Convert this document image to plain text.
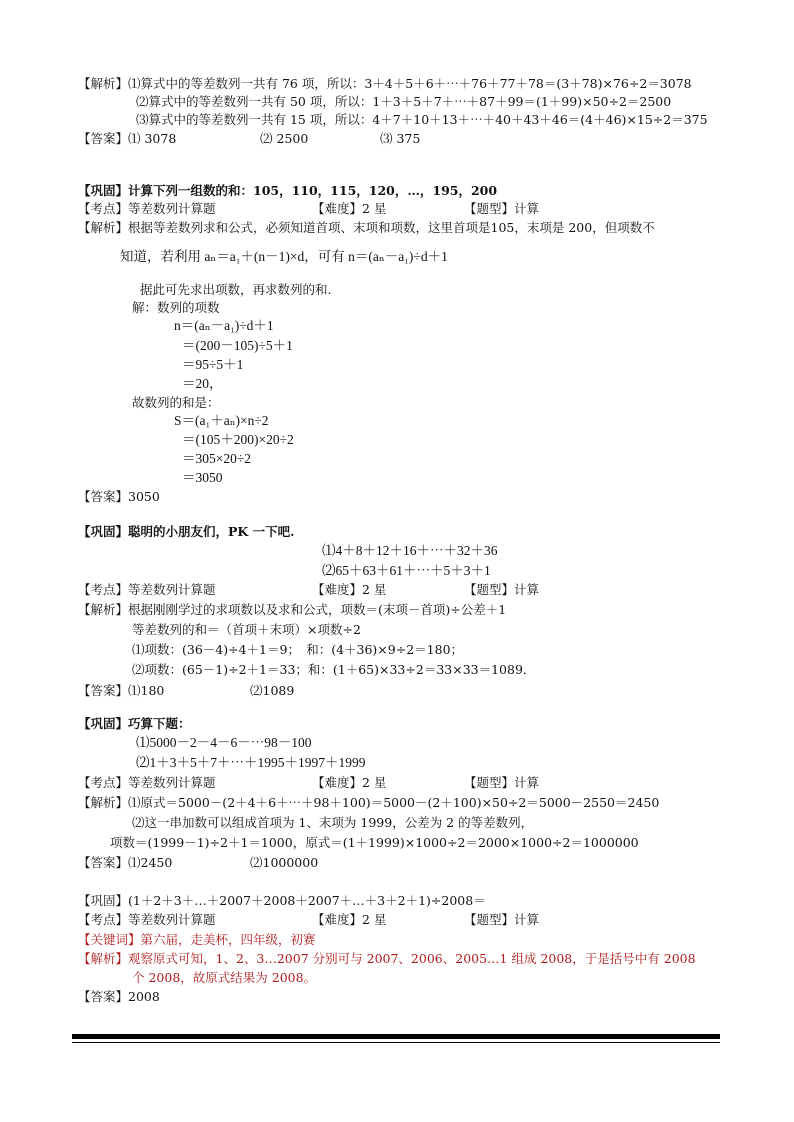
【解析】⑴算式中的等差数列一共有 76 项，所以：3＋4＋5＋6＋⋯＋76＋77＋78＝(3＋78)×76÷2＝3078
⑵算式中的等差数列一共有 50 项，所以：1＋3＋5＋7＋⋯＋87＋99＝(1＋99)×50÷2＝2500
⑶算式中的等差数列一共有 15 项，所以：4＋7＋10＋13＋⋯＋40＋43＋46＝(4＋46)×15÷2＝375
【答案】⑴ 3078	⑵ 2500	⑶ 375
【巩固】计算下列一组数的和：105，110，115，120，…，195，200
【考点】等差数列计算题	【难度】2 星	【题型】计算
【解析】根据等差数列求和公式，必须知道首项、末项和项数，这里首项是105，末项是 200，但项数不
知道，若利用 aₙ＝a₁＋(n－1)×d，可有 n＝(aₙ－a₁)÷d＋1
据此可先求出项数，再求数列的和.
解：数列的项数
n＝(aₙ－a₁)÷d＋1
＝(200－105)÷5＋1
＝95÷5＋1
＝20，
故数列的和是：
S＝(a₁＋aₙ)×n÷2
＝(105＋200)×20÷2
＝305×20÷2
＝3050
【答案】3050
【巩固】聪明的小朋友们，PK 一下吧.
⑴4＋8＋12＋16＋⋯＋32＋36
⑵65＋63＋61＋⋯＋5＋3＋1
【考点】等差数列计算题	【难度】2 星	【题型】计算
【解析】根据刚刚学过的求项数以及求和公式，项数＝(末项－首项)÷公差＋1
等差数列的和＝（首项＋末项）×项数÷2
⑴项数：(36－4)÷4＋1＝9；　和：(4＋36)×9÷2＝180；
⑵项数：(65－1)÷2＋1＝33；和：(1＋65)×33÷2＝33×33＝1089．
【答案】⑴180	⑵1089
【巩固】巧算下题：
⑴5000－2－4－6－⋯98－100
⑵1＋3＋5＋7＋⋯＋1995＋1997＋1999
【考点】等差数列计算题	【难度】2 星	【题型】计算
【解析】⑴原式＝5000－(2＋4＋6＋⋯＋98＋100)＝5000－(2＋100)×50÷2＝5000－2550＝2450
⑵这一串加数可以组成首项为 1、末项为 1999，公差为 2 的等差数列，
项数＝(1999－1)÷2＋1＝1000，原式＝(1＋1999)×1000÷2＝2000×1000÷2＝1000000
【答案】⑴2450	⑵1000000
【巩固】(1＋2＋3＋…＋2007＋2008＋2007＋…＋3＋2＋1)÷2008＝
【考点】等差数列计算题	【难度】2 星	【题型】计算
【关键词】第六届，走美杯，四年级，初赛
【解析】观察原式可知，1、2、3…2007 分别可与 2007、2006、2005…1 组成 2008，于是括号中有 2008
个 2008，故原式结果为 2008。
【答案】2008
